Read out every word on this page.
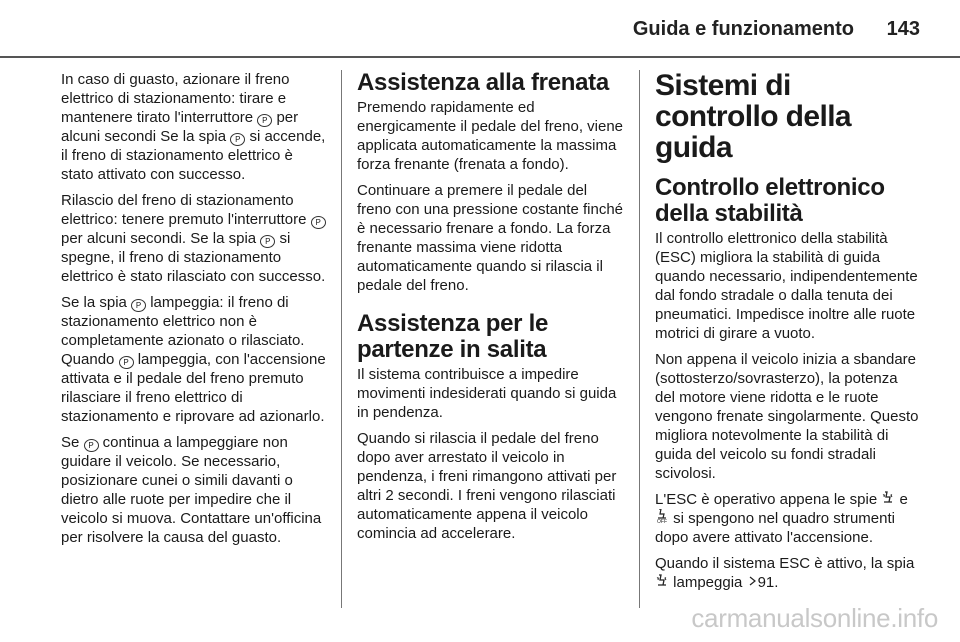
Guida e funzionamento 143

In caso di guasto, azionare il freno elettrico di stazionamento: tirare e mantenere tirato l'interruttore P per alcuni secondi Se la spia P si accende, il freno di stazionamento elettrico è stato attivato con successo.

Rilascio del freno di stazionamento elettrico: tenere premuto l'interruttore P per alcuni secondi. Se la spia P si spegne, il freno di stazionamento elettrico è stato rilasciato con successo.

Se la spia P lampeggia: il freno di stazionamento elettrico non è completamente azionato o rilasciato. Quando P lampeggia, con l'accensione attivata e il pedale del freno premuto rilasciare il freno elettrico di stazionamento e riprovare ad azionarlo.

Se P continua a lampeggiare non guidare il veicolo. Se necessario, posizionare cunei o simili davanti o dietro alle ruote per impedire che il veicolo si muova. Contattare un'officina per risolvere la causa del guasto.

Assistenza alla frenata

Premendo rapidamente ed energicamente il pedale del freno, viene applicata automaticamente la massima forza frenante (frenata a fondo).

Continuare a premere il pedale del freno con una pressione costante finché è necessario frenare a fondo. La forza frenante massima viene ridotta automaticamente quando si rilascia il pedale del freno.

Assistenza per le partenze in salita

Il sistema contribuisce a impedire movimenti indesiderati quando si guida in pendenza.

Quando si rilascia il pedale del freno dopo aver arrestato il veicolo in pendenza, i freni rimangono attivati per altri 2 secondi. I freni vengono rilasciati automaticamente appena il veicolo comincia ad accelerare.

Sistemi di controllo della guida
Controllo elettronico della stabilità

Il controllo elettronico della stabilità (ESC) migliora la stabilità di guida quando necessario, indipendentemente dal fondo stradale o dalla tenuta dei pneumatici. Impedisce inoltre alle ruote motrici di girare a vuoto.

Non appena il veicolo inizia a sbandare (sottosterzo/sovrasterzo), la potenza del motore viene ridotta e le ruote vengono frenate singolarmente. Questo migliora notevolmente la stabilità di guida del veicolo su fondi stradali scivolosi.

L'ESC è operativo appena le spie  e
OFF si spengono nel quadro strumenti dopo avere attivato l'accensione.

Quando il sistema ESC è attivo, la spia  lampeggia 91.

carmanualsonline.info
